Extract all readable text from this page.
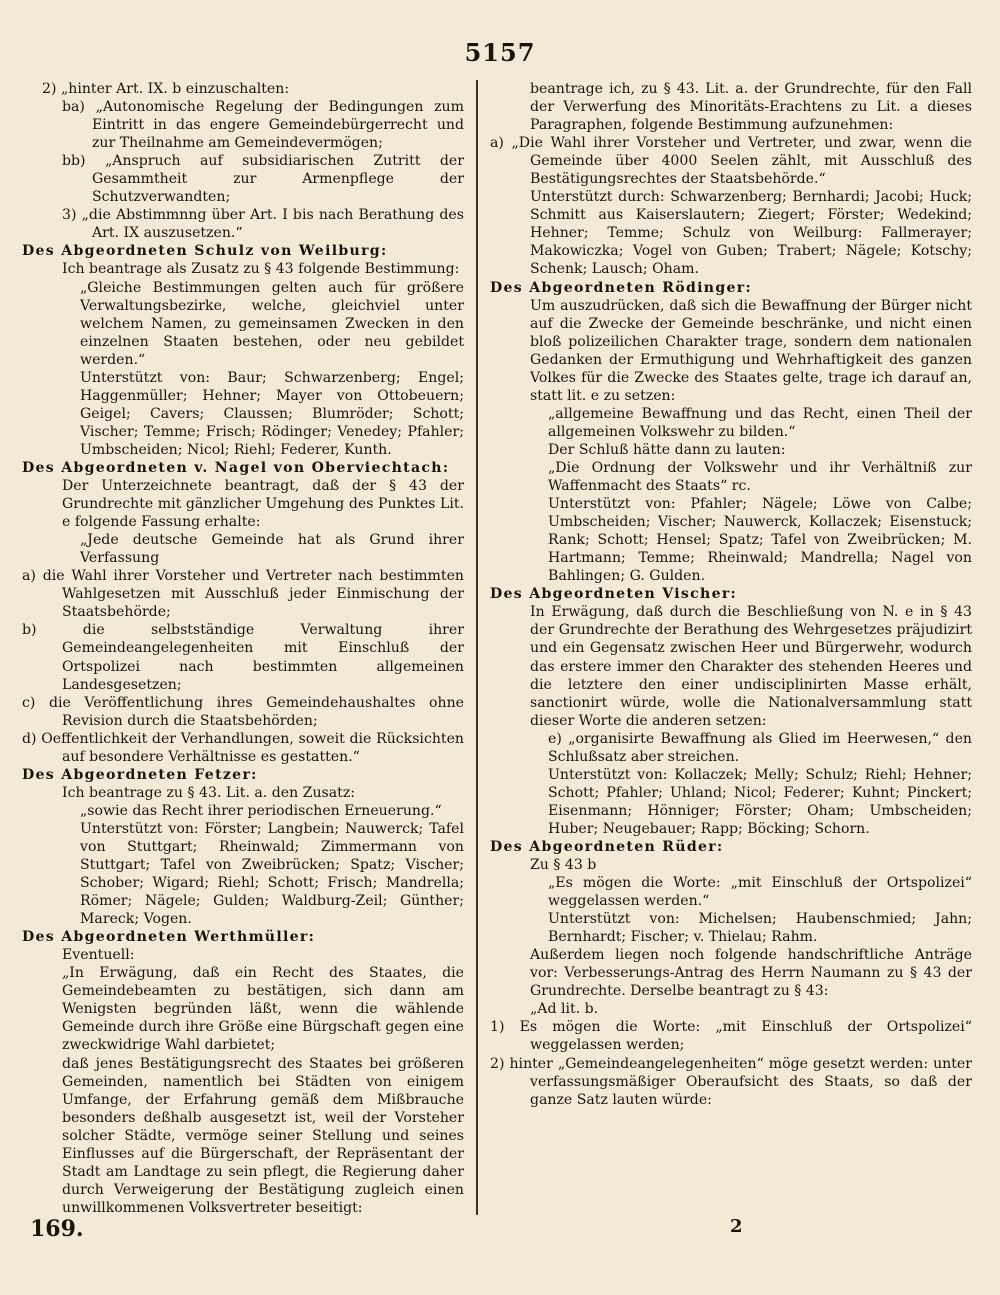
5157

2) „hinter Art. IX. b einzuschalten:

ba) „Autonomische Regelung der Bedingungen zum Eintritt in das engere Gemeindebürgerrecht und zur Theilnahme am Gemeindevermögen;

bb) „Anspruch auf subsidiarischen Zutritt der Gesammtheit zur Armenpflege der Schutzverwandten;

3) „die Abstimmnng über Art. I bis nach Berathung des Art. IX auszusetzen.“

Des Abgeordneten Schulz von Weilburg:

Ich beantrage als Zusatz zu § 43 folgende Bestimmung:

„Gleiche Bestimmungen gelten auch für größere Verwaltungsbezirke, welche, gleichviel unter welchem Namen, zu gemeinsamen Zwecken in den einzelnen Staaten bestehen, oder neu gebildet werden.“

Unterstützt von: Baur; Schwarzenberg; Engel; Haggenmüller; Hehner; Mayer von Ottobeuern; Geigel; Cavers; Claussen; Blumröder; Schott; Vischer; Temme; Frisch; Rödinger; Venedey; Pfahler; Umbscheiden; Nicol; Riehl; Federer, Kunth.

Des Abgeordneten v. Nagel von Oberviechtach:

Der Unterzeichnete beantragt, daß der § 43 der Grundrechte mit gänzlicher Umgehung des Punktes Lit. e folgende Fassung erhalte:

„Jede deutsche Gemeinde hat als Grund ihrer Verfassung

a) die Wahl ihrer Vorsteher und Vertreter nach bestimmten Wahlgesetzen mit Ausschluß jeder Einmischung der Staatsbehörde;

b) die selbstständige Verwaltung ihrer Gemeindeangelegenheiten mit Einschluß der Ortspolizei nach bestimmten allgemeinen Landesgesetzen;

c) die Veröffentlichung ihres Gemeindehaushaltes ohne Revision durch die Staatsbehörden;

d) Oeffentlichkeit der Verhandlungen, soweit die Rücksichten auf besondere Verhältnisse es gestatten.“

Des Abgeordneten Fetzer:

Ich beantrage zu § 43. Lit. a. den Zusatz:

„sowie das Recht ihrer periodischen Erneuerung.“

Unterstützt von: Förster; Langbein; Nauwerck; Tafel von Stuttgart; Rheinwald; Zimmermann von Stuttgart; Tafel von Zweibrücken; Spatz; Vischer; Schober; Wigard; Riehl; Schott; Frisch; Mandrella; Römer; Nägele; Gulden; Waldburg-Zeil; Günther; Mareck; Vogen.

Des Abgeordneten Werthmüller:

Eventuell:

„In Erwägung, daß ein Recht des Staates, die Gemeindebeamten zu bestätigen, sich dann am Wenigsten begründen läßt, wenn die wählende Gemeinde durch ihre Größe eine Bürgschaft gegen eine zweckwidrige Wahl darbietet;

daß jenes Bestätigungsrecht des Staates bei größeren Gemeinden, namentlich bei Städten von einigem Umfange, der Erfahrung gemäß dem Mißbrauche besonders deßhalb ausgesetzt ist, weil der Vorsteher solcher Städte, vermöge seiner Stellung und seines Einflusses auf die Bürgerschaft, der Repräsentant der Stadt am Landtage zu sein pflegt, die Regierung daher durch Verweigerung der Bestätigung zugleich einen unwillkommenen Volksvertreter beseitigt:

beantrage ich, zu § 43. Lit. a. der Grundrechte, für den Fall der Verwerfung des Minoritäts-Erachtens zu Lit. a dieses Paragraphen, folgende Bestimmung aufzunehmen:

a) „Die Wahl ihrer Vorsteher und Vertreter, und zwar, wenn die Gemeinde über 4000 Seelen zählt, mit Ausschluß des Bestätigungsrechtes der Staatsbehörde.“

Unterstützt durch: Schwarzenberg; Bernhardi; Jacobi; Huck; Schmitt aus Kaiserslautern; Ziegert; Förster; Wedekind; Hehner; Temme; Schulz von Weilburg: Fallmerayer; Makowiczka; Vogel von Guben; Trabert; Nägele; Kotschy; Schenk; Lausch; Oham.

Des Abgeordneten Rödinger:

Um auszudrücken, daß sich die Bewaffnung der Bürger nicht auf die Zwecke der Gemeinde beschränke, und nicht einen bloß polizeilichen Charakter trage, sondern dem nationalen Gedanken der Ermuthigung und Wehrhaftigkeit des ganzen Volkes für die Zwecke des Staates gelte, trage ich darauf an, statt lit. e zu setzen:

„allgemeine Bewaffnung und das Recht, einen Theil der allgemeinen Volkswehr zu bilden.“

Der Schluß hätte dann zu lauten:

„Die Ordnung der Volkswehr und ihr Verhältniß zur Waffenmacht des Staats“ rc.

Unterstützt von: Pfahler; Nägele; Löwe von Calbe; Umbscheiden; Vischer; Nauwerck, Kollaczek; Eisenstuck; Rank; Schott; Hensel; Spatz; Tafel von Zweibrücken; M. Hartmann; Temme; Rheinwald; Mandrella; Nagel von Bahlingen; G. Gulden.

Des Abgeordneten Vischer:

In Erwägung, daß durch die Beschließung von N. e in § 43 der Grundrechte der Berathung des Wehrgesetzes präjudizirt und ein Gegensatz zwischen Heer und Bürgerwehr, wodurch das erstere immer den Charakter des stehenden Heeres und die letztere den einer undisciplinirten Masse erhält, sanctionirt würde, wolle die Nationalversammlung statt dieser Worte die anderen setzen:

e) „organisirte Bewaffnung als Glied im Heerwesen,“ den Schlußsatz aber streichen.

Unterstützt von: Kollaczek; Melly; Schulz; Riehl; Hehner; Schott; Pfahler; Uhland; Nicol; Federer; Kuhnt; Pinckert; Eisenmann; Hönniger; Förster; Oham; Umbscheiden; Huber; Neugebauer; Rapp; Böcking; Schorn.

Des Abgeordneten Rüder:

Zu § 43 b

„Es mögen die Worte: „mit Einschluß der Ortspolizei“ weggelassen werden.“

Unterstützt von: Michelsen; Haubenschmied; Jahn; Bernhardt; Fischer; v. Thielau; Rahm.

Außerdem liegen noch folgende handschriftliche Anträge vor: Verbesserungs-Antrag des Herrn Naumann zu § 43 der Grundrechte. Derselbe beantragt zu § 43:

„Ad lit. b.

1) Es mögen die Worte: „mit Einschluß der Ortspolizei“ weggelassen werden;

2) hinter „Gemeindeangelegenheiten“ möge gesetzt werden: unter verfassungsmäßiger Oberaufsicht des Staats, so daß der ganze Satz lauten würde:

169.	2
